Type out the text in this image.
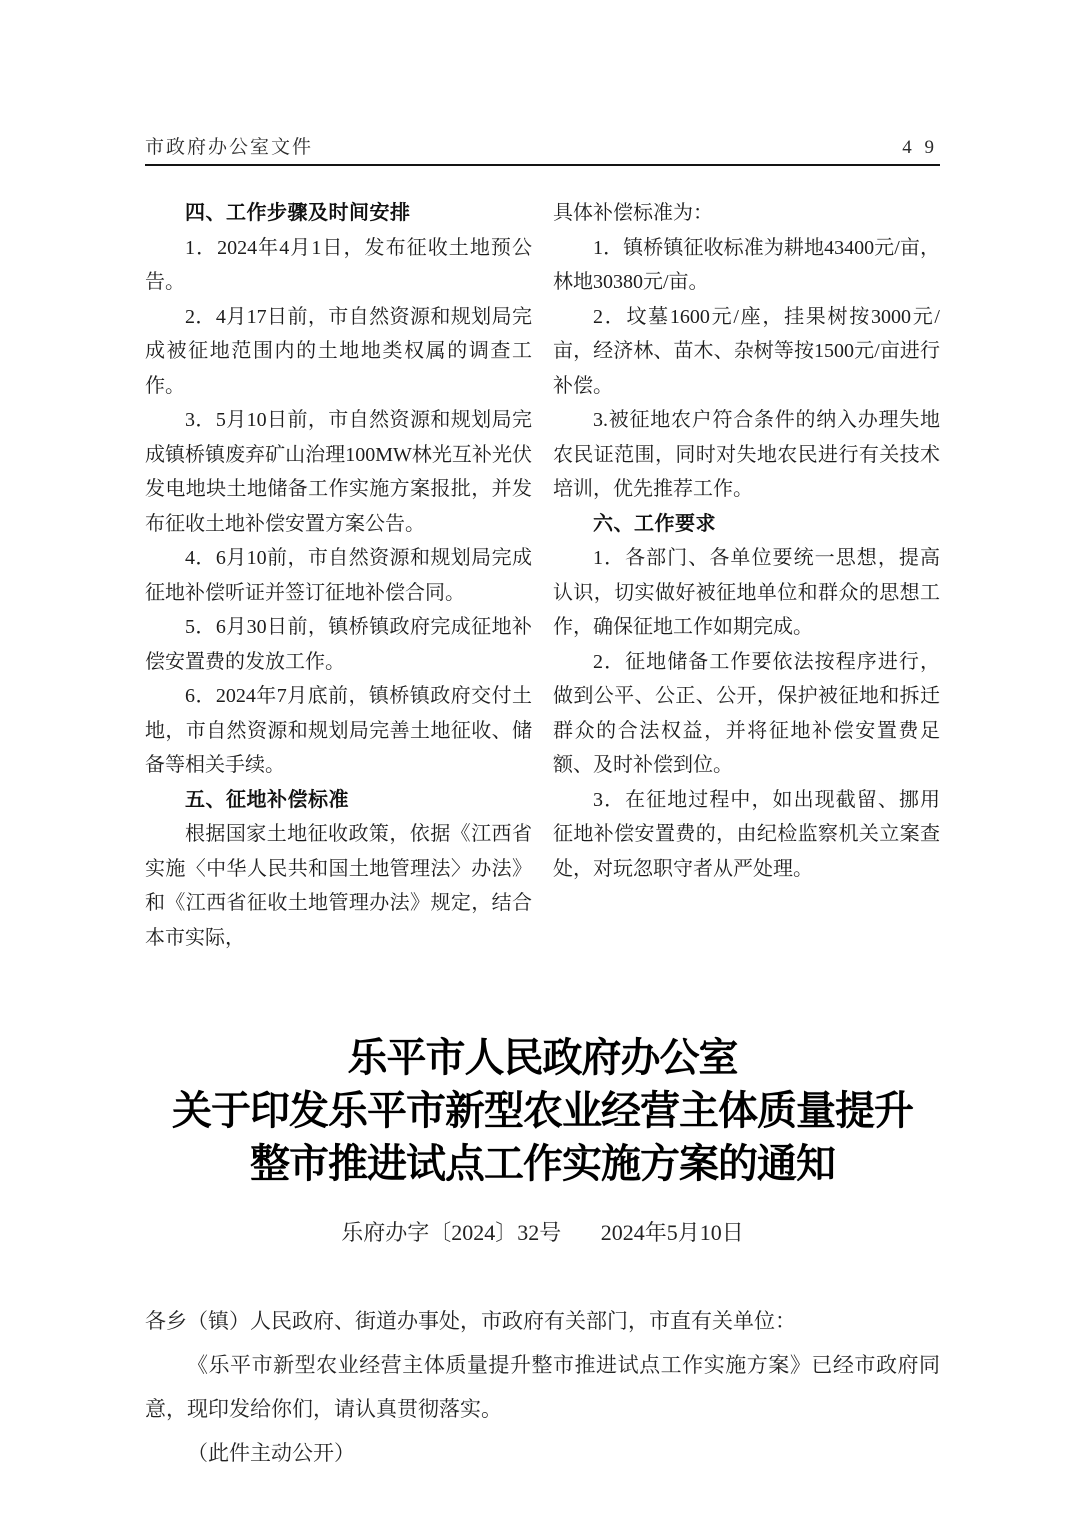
市政府办公室文件	4 9

四、工作步骤及时间安排

1．2024年4月1日，发布征收土地预公告。

2．4月17日前，市自然资源和规划局完成被征地范围内的土地地类权属的调查工作。

3．5月10日前，市自然资源和规划局完成镇桥镇废弃矿山治理100MW林光互补光伏发电地块土地储备工作实施方案报批，并发布征收土地补偿安置方案公告。

4．6月10前，市自然资源和规划局完成征地补偿听证并签订征地补偿合同。

5．6月30日前，镇桥镇政府完成征地补偿安置费的发放工作。

6．2024年7月底前，镇桥镇政府交付土地，市自然资源和规划局完善土地征收、储备等相关手续。

五、征地补偿标准

根据国家土地征收政策，依据《江西省实施〈中华人民共和国土地管理法〉办法》和《江西省征收土地管理办法》规定，结合本市实际，

具体补偿标准为：

1．镇桥镇征收标准为耕地43400元/亩，林地30380元/亩。

2．坟墓1600元/座，挂果树按3000元/亩，经济林、苗木、杂树等按1500元/亩进行补偿。

3.被征地农户符合条件的纳入办理失地农民证范围，同时对失地农民进行有关技术培训，优先推荐工作。

六、工作要求

1．各部门、各单位要统一思想，提高认识，切实做好被征地单位和群众的思想工作，确保征地工作如期完成。

2．征地储备工作要依法按程序进行，做到公平、公正、公开，保护被征地和拆迁群众的合法权益，并将征地补偿安置费足额、及时补偿到位。

3．在征地过程中，如出现截留、挪用征地补偿安置费的，由纪检监察机关立案查处，对玩忽职守者从严处理。

乐平市人民政府办公室
关于印发乐平市新型农业经营主体质量提升
整市推进试点工作实施方案的通知
乐府办字〔2024〕32号 2024年5月10日

各乡（镇）人民政府、街道办事处，市政府有关部门，市直有关单位：

《乐平市新型农业经营主体质量提升整市推进试点工作实施方案》已经市政府同意，现印发给你们，请认真贯彻落实。

（此件主动公开）
